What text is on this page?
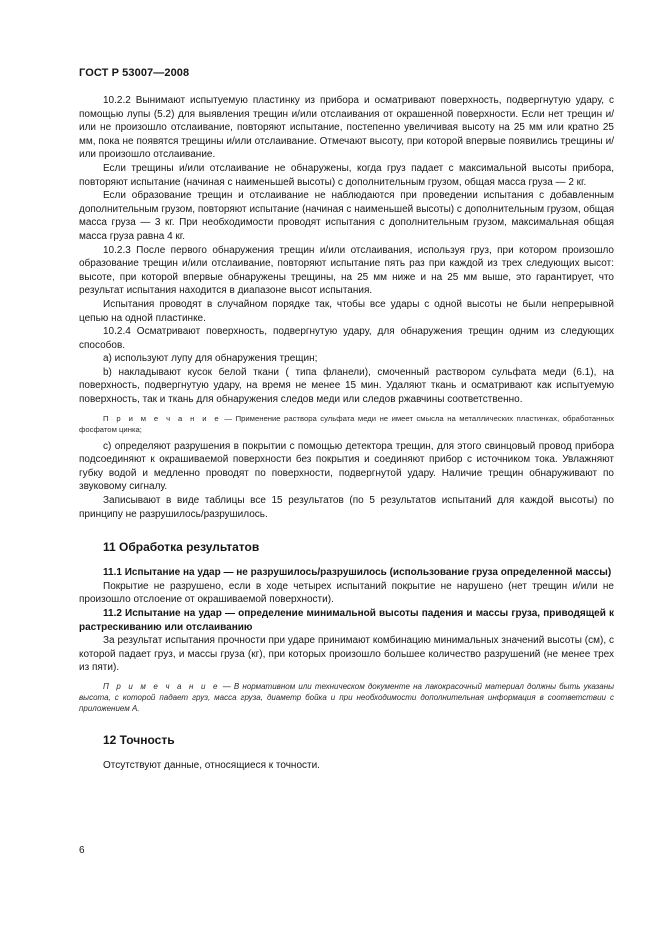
ГОСТ Р 53007—2008

10.2.2 Вынимают испытуемую пластинку из прибора и осматривают поверхность, подвергнутую удару, с помощью лупы (5.2) для выявления трещин и/или отслаивания от окрашенной поверхности. Если нет трещин и/или не произошло отслаивание, повторяют испытание, постепенно увеличивая высоту на 25 мм или кратно 25 мм, пока не появятся трещины и/или отслаивание. Отмечают высоту, при которой впервые появились трещины и/или произошло отслаивание.

Если трещины и/или отслаивание не обнаружены, когда груз падает с максимальной высоты прибора, повторяют испытание (начиная с наименьшей высоты) с дополнительным грузом, общая масса груза — 2 кг.

Если образование трещин и отслаивание не наблюдаются при проведении испытания с добавленным дополнительным грузом, повторяют испытание (начиная с наименьшей высоты) с дополнительным грузом, общая масса груза — 3 кг. При необходимости проводят испытания с дополнительным грузом, максимальная общая масса груза равна 4 кг.

10.2.3 После первого обнаружения трещин и/или отслаивания, используя груз, при котором произошло образование трещин и/или отслаивание, повторяют испытание пять раз при каждой из трех следующих высот: высоте, при которой впервые обнаружены трещины, на 25 мм ниже и на 25 мм выше, это гарантирует, что результат испытания находится в диапазоне высот испытания.

Испытания проводят в случайном порядке так, чтобы все удары с одной высоты не были непрерывной цепью на одной пластинке.

10.2.4 Осматривают поверхность, подвергнутую удару, для обнаружения трещин одним из следующих способов.

а) используют лупу для обнаружения трещин;

b) накладывают кусок белой ткани ( типа фланели), смоченный раствором сульфата меди (6.1), на поверхность, подвергнутую удару, на время не менее 15 мин. Удаляют ткань и осматривают как испытуемую поверхность, так и ткань для обнаружения следов меди или следов ржавчины соответственно.

П р и м е ч а н и е — Применение раствора сульфата меди не имеет смысла на металлических пластинках, обработанных фосфатом цинка;

с) определяют разрушения в покрытии с помощью детектора трещин, для этого свинцовый провод прибора подсоединяют к окрашиваемой поверхности без покрытия и соединяют прибор с источником тока. Увлажняют губку водой и медленно проводят по поверхности, подвергнутой удару. Наличие трещин обнаруживают по звуковому сигналу.

Записывают в виде таблицы все 15 результатов (по 5 результатов испытаний для каждой высоты) по принципу не разрушилось/разрушилось.

11 Обработка результатов

11.1 Испытание на удар — не разрушилось/разрушилось (использование груза определенной массы)

Покрытие не разрушено, если в ходе четырех испытаний покрытие не нарушено (нет трещин и/или не произошло отслоение от окрашиваемой поверхности).

11.2 Испытание на удар — определение минимальной высоты падения и массы груза, приводящей к растрескиванию или отслаиванию

За результат испытания прочности при ударе принимают комбинацию минимальных значений высоты (см), с которой падает груз, и массы груза (кг), при которых произошло большее количество разрушений (не менее трех из пяти).

П р и м е ч а н и е — В нормативном или техническом документе на лакокрасочный материал должны быть указаны высота, с которой падает груз, масса груза, диаметр бойка и при необходимости дополнительная информация в соответствии с приложением А.

12 Точность

Отсутствуют данные, относящиеся к точности.

6
